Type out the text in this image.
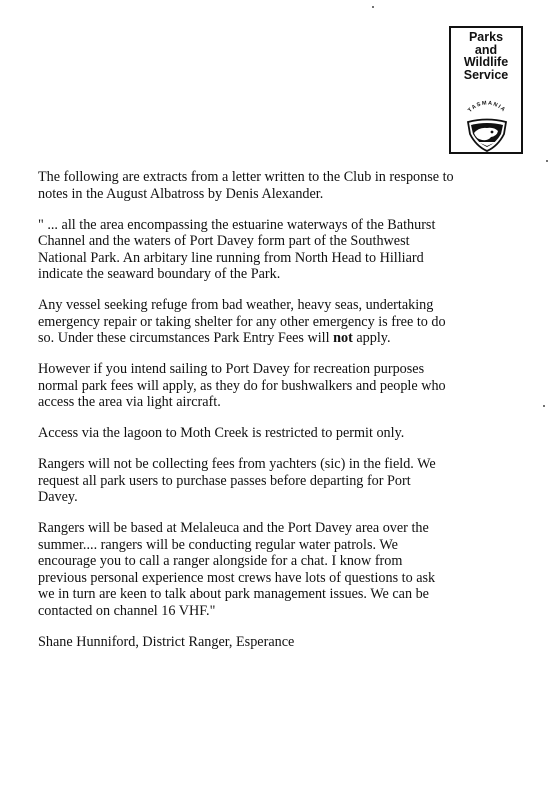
Parks
and
Wildlife
Service
TASMANIA

The following are extracts from a letter written to the Club in response to
notes in the August Albatross by Denis Alexander.

" ... all the area encompassing the estuarine waterways of the Bathurst
Channel and the waters of Port Davey form part of the Southwest
National Park. An arbitary line running from North Head to Hilliard
indicate the seaward boundary of the Park.

Any vessel seeking refuge from bad weather, heavy seas, undertaking
emergency repair or taking shelter for any other emergency is free to do
so. Under these circumstances Park Entry Fees will not apply.

However if you intend sailing to Port Davey for recreation purposes
normal park fees will apply, as they do for bushwalkers and people who
access the area via light aircraft.

Access via the lagoon to Moth Creek is restricted to permit only.

Rangers will not be collecting fees from yachters (sic) in the field. We
request all park users to purchase passes before departing for Port
Davey.

Rangers will be based at Melaleuca and the Port Davey area over the
summer.... rangers will be conducting regular water patrols. We
encourage you to call a ranger alongside for a chat. I know from
previous personal experience most crews have lots of questions to ask
we in turn are keen to talk about park management issues. We can be
contacted on channel 16 VHF."

Shane Hunniford, District Ranger, Esperance
